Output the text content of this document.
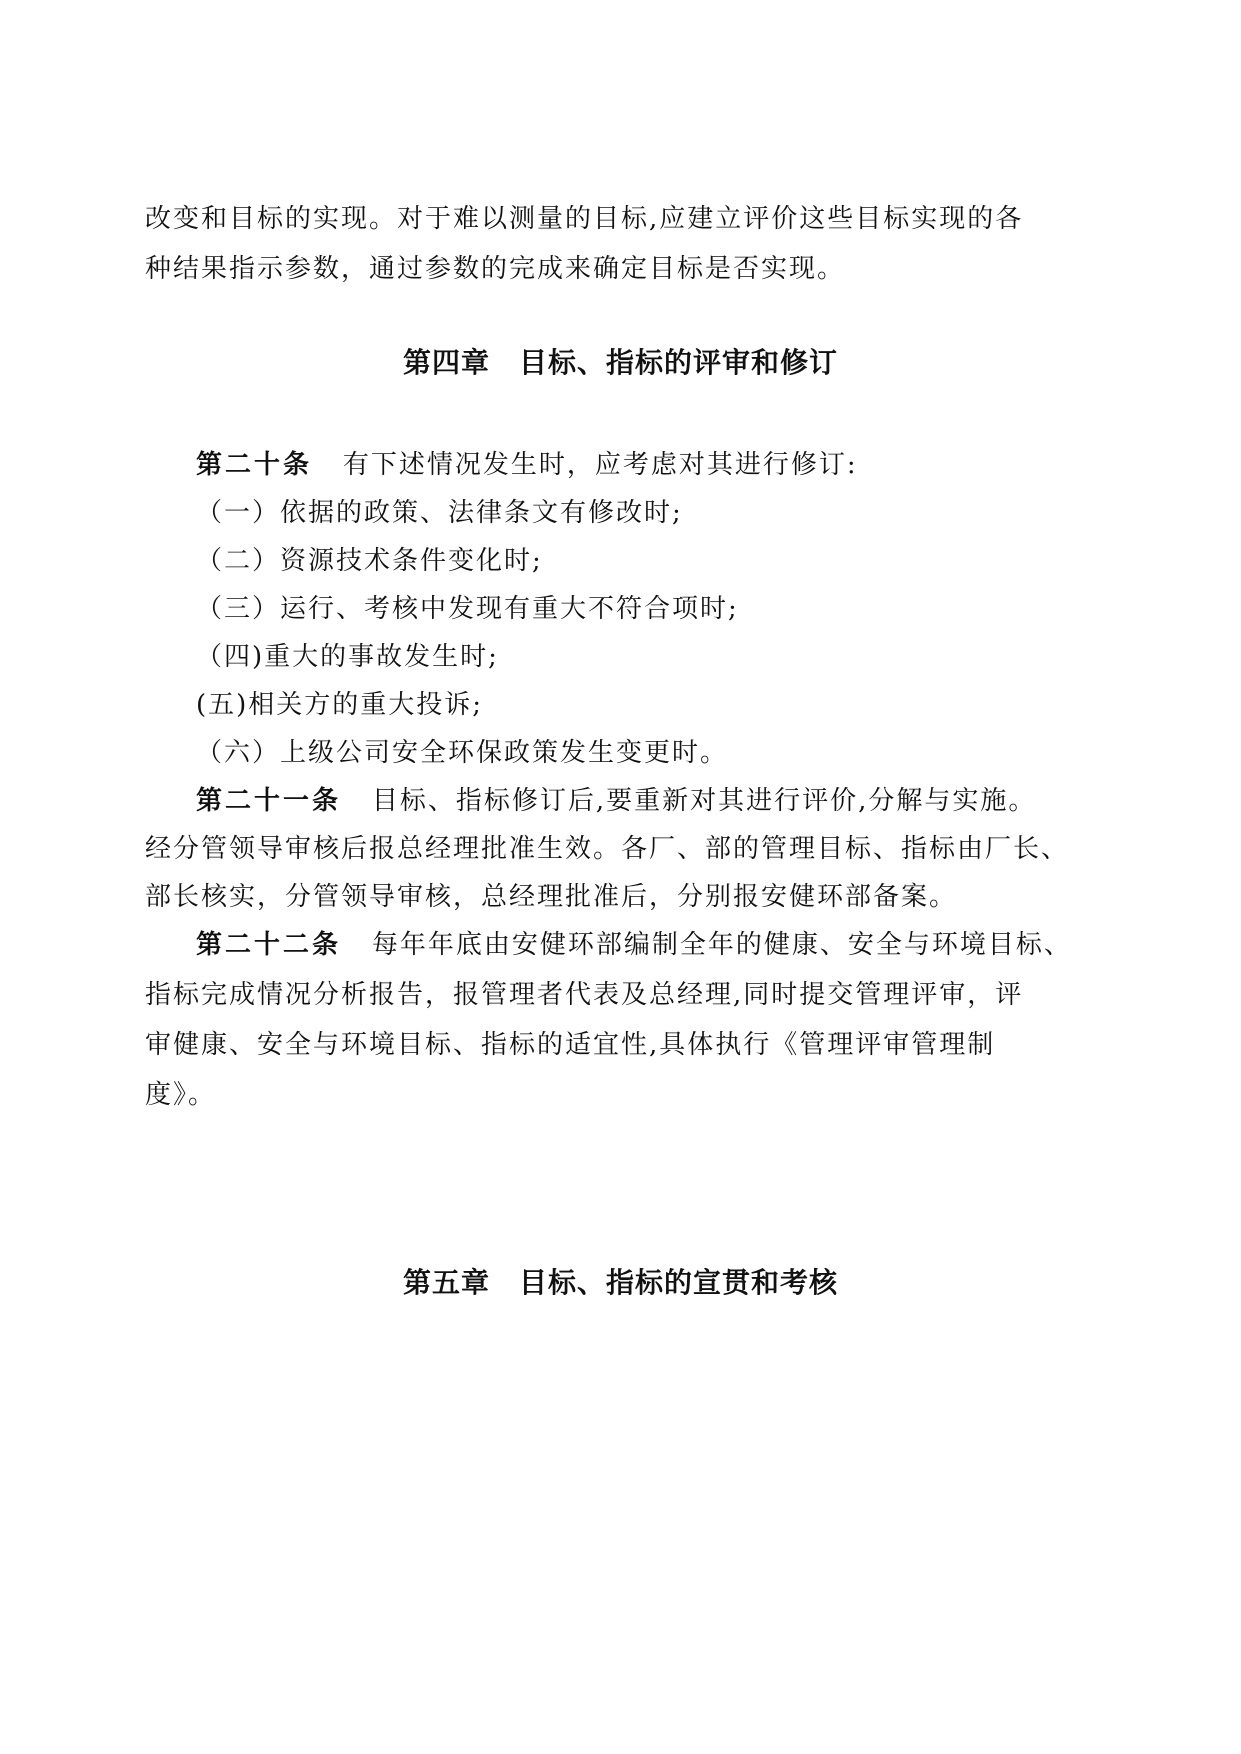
改变和目标的实现。对于难以测量的目标,应建立评价这些目标实现的各
种结果指示参数，通过参数的完成来确定目标是否实现。
第四章　目标、指标的评审和修订
第二十条 有下述情况发生时，应考虑对其进行修订:
（一）依据的政策、法律条文有修改时;
（二）资源技术条件变化时;
（三）运行、考核中发现有重大不符合项时;
（四)重大的事故发生时;
(五)相关方的重大投诉;
（六）上级公司安全环保政策发生变更时。
第二十一条 目标、指标修订后,要重新对其进行评价,分解与实施。
经分管领导审核后报总经理批准生效。各厂、部的管理目标、指标由厂长、
部长核实，分管领导审核，总经理批准后，分别报安健环部备案。
第二十二条 每年年底由安健环部编制全年的健康、安全与环境目标、
指标完成情况分析报告，报管理者代表及总经理,同时提交管理评审，评
审健康、安全与环境目标、指标的适宜性,具体执行《管理评审管理制
度》。
第五章　目标、指标的宣贯和考核
